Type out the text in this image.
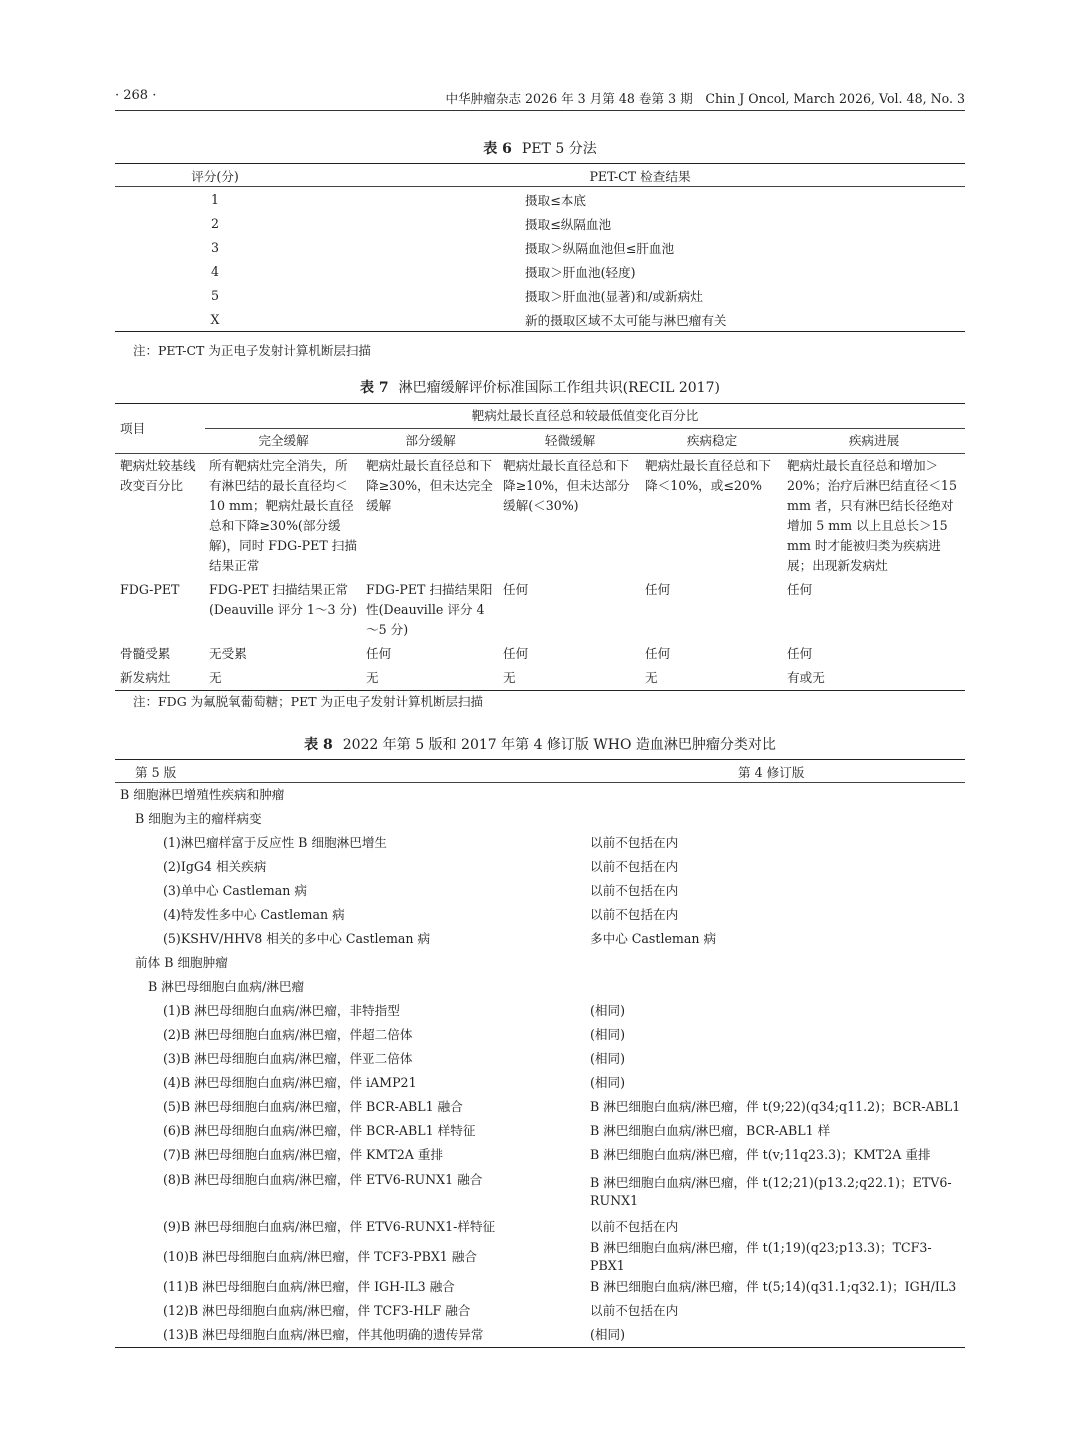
· 268 ·	中华肿瘤杂志 2026 年 3 月第 48 卷第 3 期　Chin J Oncol, March 2026, Vol. 48, No. 3
表 6 PET 5 分法
评分(分)	PET-CT 检查结果
1	摄取≤本底
2	摄取≤纵隔血池
3	摄取＞纵隔血池但≤肝血池
4	摄取＞肝血池(轻度)
5	摄取＞肝血池(显著)和/或新病灶
X	新的摄取区域不太可能与淋巴瘤有关
注：PET-CT 为正电子发射计算机断层扫描
表 7 淋巴瘤缓解评价标准国际工作组共识(RECIL 2017)
项目	靶病灶最长直径总和较最低值变化百分比				
	完全缓解	部分缓解	轻微缓解	疾病稳定	疾病进展
靶病灶较基线改变百分比	所有靶病灶完全消失，所有淋巴结的最长直径均＜10 mm；靶病灶最长直径总和下降≥30%(部分缓解)，同时 FDG-PET 扫描结果正常	靶病灶最长直径总和下降≥30%，但未达完全缓解	靶病灶最长直径总和下降≥10%，但未达部分缓解(＜30%)	靶病灶最长直径总和下降＜10%，或≤20%	靶病灶最长直径总和增加＞20%；治疗后淋巴结直径＜15 mm 者，只有淋巴结长径绝对增加 5 mm 以上且总长＞15 mm 时才能被归类为疾病进展；出现新发病灶
FDG-PET	FDG-PET 扫描结果正常(Deauville 评分 1～3 分)	FDG-PET 扫描结果阳性(Deauville 评分 4～5 分)	任何	任何	任何
骨髓受累	无受累	任何	任何	任何	任何
新发病灶	无	无	无	无	有或无
注：FDG 为氟脱氧葡萄糖；PET 为正电子发射计算机断层扫描
表 8 2022 年第 5 版和 2017 年第 4 修订版 WHO 造血淋巴肿瘤分类对比
第 5 版	第 4 修订版
B 细胞淋巴增殖性疾病和肿瘤	
B 细胞为主的瘤样病变	
(1)淋巴瘤样富于反应性 B 细胞淋巴增生	以前不包括在内
(2)IgG4 相关疾病	以前不包括在内
(3)单中心 Castleman 病	以前不包括在内
(4)特发性多中心 Castleman 病	以前不包括在内
(5)KSHV/HHV8 相关的多中心 Castleman 病	多中心 Castleman 病
前体 B 细胞肿瘤	
B 淋巴母细胞白血病/淋巴瘤	
(1)B 淋巴母细胞白血病/淋巴瘤，非特指型	(相同)
(2)B 淋巴母细胞白血病/淋巴瘤，伴超二倍体	(相同)
(3)B 淋巴母细胞白血病/淋巴瘤，伴亚二倍体	(相同)
(4)B 淋巴母细胞白血病/淋巴瘤，伴 iAMP21	(相同)
(5)B 淋巴母细胞白血病/淋巴瘤，伴 BCR-ABL1 融合	B 淋巴细胞白血病/淋巴瘤，伴 t(9;22)(q34;q11.2)；BCR-ABL1
(6)B 淋巴母细胞白血病/淋巴瘤，伴 BCR-ABL1 样特征	B 淋巴细胞白血病/淋巴瘤，BCR-ABL1 样
(7)B 淋巴母细胞白血病/淋巴瘤，伴 KMT2A 重排	B 淋巴细胞白血病/淋巴瘤，伴 t(v;11q23.3)；KMT2A 重排
(8)B 淋巴母细胞白血病/淋巴瘤，伴 ETV6-RUNX1 融合	B 淋巴细胞白血病/淋巴瘤，伴 t(12;21)(p13.2;q22.1)；ETV6-RUNX1
(9)B 淋巴母细胞白血病/淋巴瘤，伴 ETV6-RUNX1-样特征	以前不包括在内
(10)B 淋巴母细胞白血病/淋巴瘤，伴 TCF3-PBX1 融合	B 淋巴细胞白血病/淋巴瘤，伴 t(1;19)(q23;p13.3)；TCF3-PBX1
(11)B 淋巴母细胞白血病/淋巴瘤，伴 IGH-IL3 融合	B 淋巴细胞白血病/淋巴瘤，伴 t(5;14)(q31.1;q32.1)；IGH/IL3
(12)B 淋巴母细胞白血病/淋巴瘤，伴 TCF3-HLF 融合	以前不包括在内
(13)B 淋巴母细胞白血病/淋巴瘤，伴其他明确的遗传异常	(相同)
